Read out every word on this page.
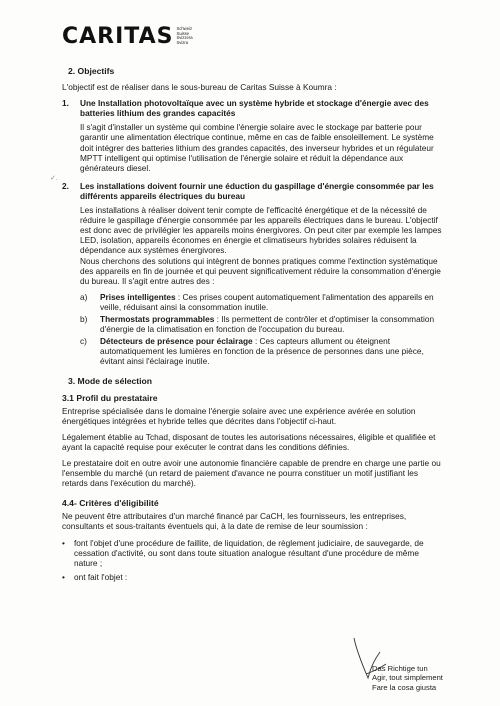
CARITAS Schweiz
Suisse
Svizzera
Svizra
✓.
2. Objectifs

L'objectif est de réaliser dans le sous-bureau de Caritas Suisse à Koumra :

1.	Une Installation photovoltaïque avec un système hybride et stockage d'énergie avec des batteries lithium des grandes capacités

Il s'agit d'installer un système qui combine l'énergie solaire avec le stockage par batterie pour garantir une alimentation électrique continue, même en cas de faible ensoleillement. Le système doit intégrer des batteries lithium des grandes capacités, des inverseur hybrides et un régulateur MPTT intelligent qui optimise l'utilisation de l'énergie solaire et réduit la dépendance aux générateurs diesel.

2.	Les installations doivent fournir une éduction du gaspillage d'énergie consommée par les différents appareils électriques du bureau

Les installations à réaliser doivent tenir compte de l'efficacité énergétique et de la nécessité de réduire le gaspillage d'énergie consommée par les appareils électriques dans le bureau. L'objectif est donc avec de privilégier les appareils moins énergivores. On peut citer par exemple les lampes LED, isolation, appareils économes en énergie et climatiseurs hybrides solaires réduisent la dépendance aux systèmes énergivores.

Nous cherchons des solutions qui intègrent de bonnes pratiques comme l'extinction systématique des appareils en fin de journée et qui peuvent significativement réduire la consommation d'énergie du bureau. Il s'agit entre autres des :

a)	Prises intelligentes : Ces prises coupent automatiquement l'alimentation des appareils en veille, réduisant ainsi la consommation inutile.
b)	Thermostats programmables : Ils permettent de contrôler et d'optimiser la consommation d'énergie de la climatisation en fonction de l'occupation du bureau.
c)	Détecteurs de présence pour éclairage : Ces capteurs allument ou éteignent automatiquement les lumières en fonction de la présence de personnes dans une pièce, évitant ainsi l'éclairage inutile.
3. Mode de sélection
3.1 Profil du prestataire

Entreprise spécialisée dans le domaine l'énergie solaire avec une expérience avérée en solution énergétiques intégrées et hybride telles que décrites dans l'objectif ci-haut.

Légalement établie au Tchad, disposant de toutes les autorisations nécessaires, éligible et qualifiée et ayant la capacité requise pour exécuter le contrat dans les conditions définies.

Le prestataire doit en outre avoir une autonomie financière capable de prendre en charge une partie ou l'ensemble du marché (un retard de paiement d'avance ne pourra constituer un motif justifiant les retards dans l'exécution du marché).

4.4- Critères d'éligibilité

Ne peuvent être attributaires d'un marché financé par CaCH, les fournisseurs, les entreprises, consultants et sous-traitants éventuels qui, à la date de remise de leur soumission :

•	font l'objet d'une procédure de faillite, de liquidation, de règlement judiciaire, de sauvegarde, de cessation d'activité, ou sont dans toute situation analogue résultant d'une procédure de même nature ;
•	ont fait l'objet :
Das Richtige tun
Agir, tout simplement
Fare la cosa giusta
